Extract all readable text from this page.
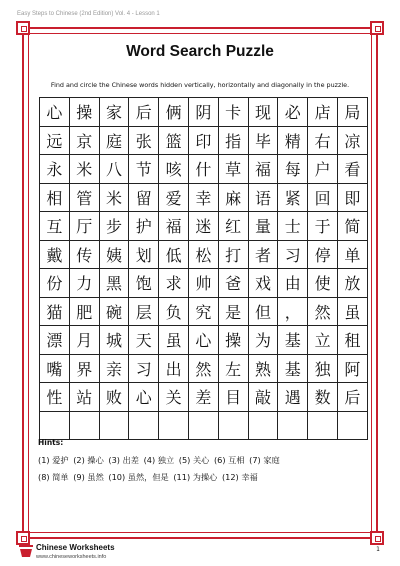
Easy Steps to Chinese (2nd Edition) Vol. 4 - Lesson 1
Word Search Puzzle
Find and circle the Chinese words hidden vertically, horizontally and diagonally in the puzzle.
心 操 家 后 俩 阴 卡 现 必 店 局
远 京 庭 张 篮 印 指 毕 精 右 凉
永 米 八 节 咳 什 草 福 每 户 看
相 管 米 留 爱 幸 麻 语 紧 回 即
互 厅 步 护 福 迷 红 量 士 于 简
戴 传 姨 划 低 松 打 者 习 停 单
份 力 黑 饱 求 帅 爸 戏 由 使 放
猫 肥 碗 层 负 究 是 但 ， 然 虽
漂 月 城 天 虽 心 操 为 基 立 租
嘴 界 亲 习 出 然 左 熟 基 独 阿
性 站 败 心 关 差 目 敲 遇 数 后
Hints:
(1) 爱护 (2) 操心 (3) 出差 (4) 独立 (5) 关心 (6) 互相 (7) 家庭
(8) 简单 (9) 虽然 (10) 虽然，但是 (11) 为操心 (12) 幸福
Chinese Worksheets
www.chineseworksheets.info
1
